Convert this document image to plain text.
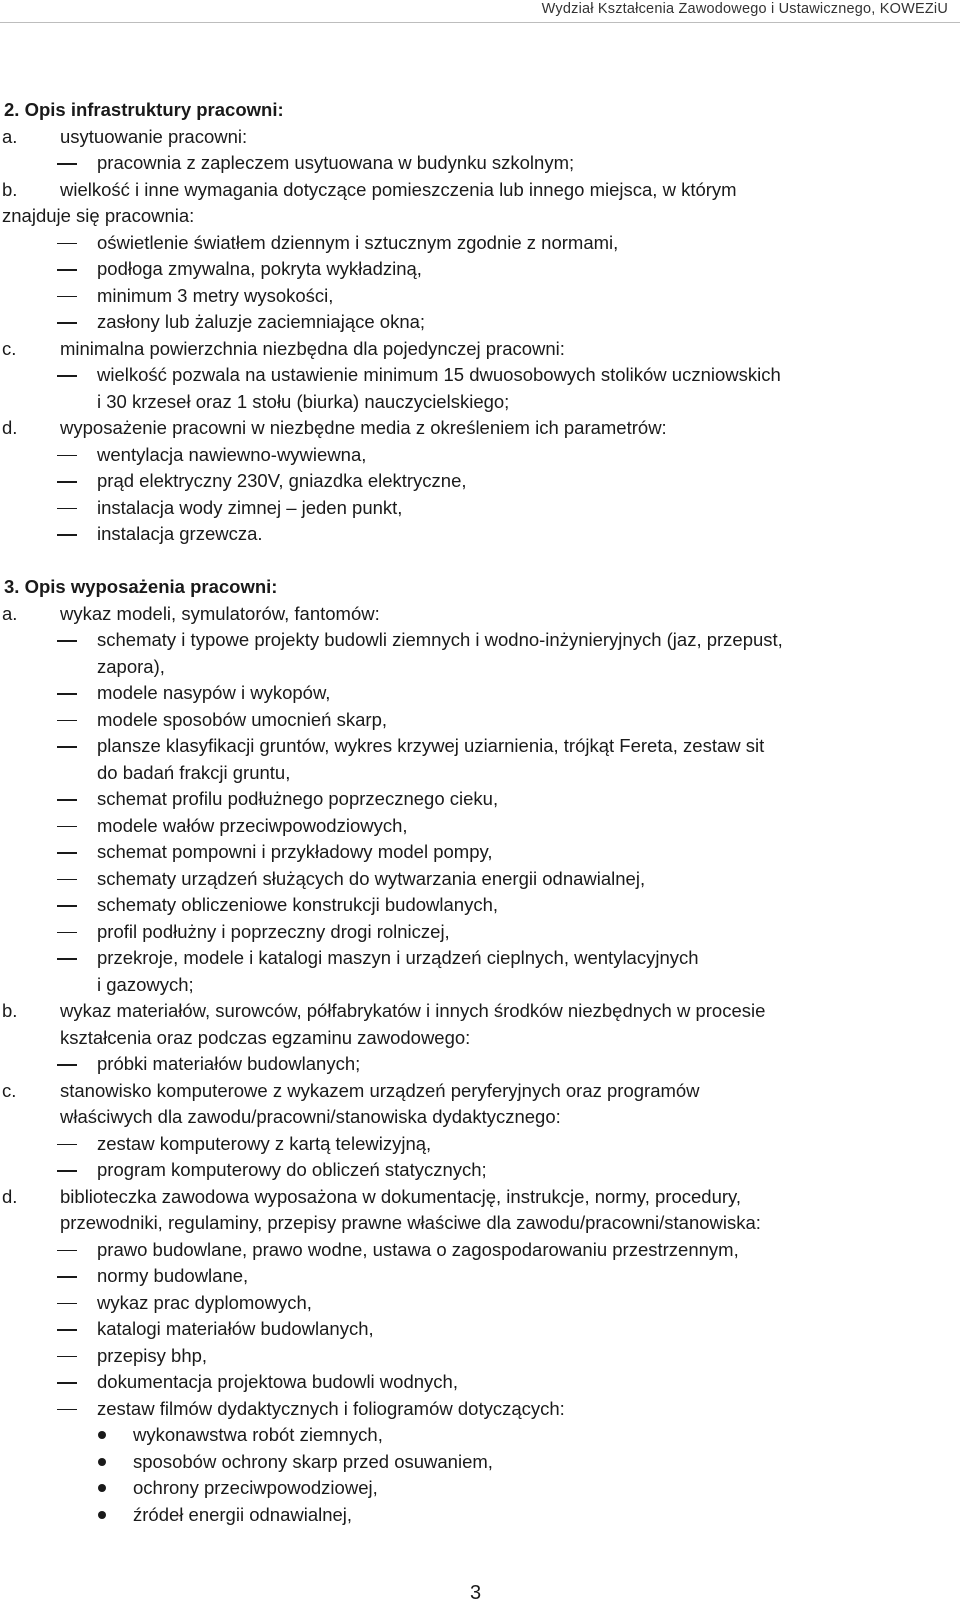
Wydział Kształcenia Zawodowego i Ustawicznego, KOWEZiU
2. Opis infrastruktury pracowni:
a. usytuowanie pracowni:
pracownia z zapleczem usytuowana w budynku szkolnym;
b. wielkość i inne wymagania dotyczące pomieszczenia lub innego miejsca, w którym
znajduje się pracownia:
oświetlenie światłem dziennym i sztucznym zgodnie z normami,
podłoga zmywalna, pokryta wykładziną,
minimum 3 metry wysokości,
zasłony lub żaluzje zaciemniające okna;
c. minimalna powierzchnia niezbędna dla pojedynczej pracowni:
wielkość pozwala na ustawienie minimum 15 dwuosobowych stolików uczniowskich
i 30 krzeseł oraz 1 stołu (biurka) nauczycielskiego;
d. wyposażenie pracowni w niezbędne media z określeniem ich parametrów:
wentylacja nawiewno-wywiewna,
prąd elektryczny 230V, gniazdka elektryczne,
instalacja wody zimnej – jeden punkt,
instalacja grzewcza.
3. Opis wyposażenia pracowni:
a. wykaz modeli, symulatorów, fantomów:
schematy i typowe projekty budowli ziemnych i wodno-inżynieryjnych (jaz, przepust,
zapora),
modele nasypów i wykopów,
modele sposobów umocnień skarp,
plansze klasyfikacji gruntów, wykres krzywej uziarnienia, trójkąt Fereta, zestaw sit
do badań frakcji gruntu,
schemat profilu podłużnego poprzecznego cieku,
modele wałów przeciwpowodziowych,
schemat pompowni i przykładowy model pompy,
schematy urządzeń służących do wytwarzania energii odnawialnej,
schematy obliczeniowe konstrukcji budowlanych,
profil podłużny i poprzeczny drogi rolniczej,
przekroje, modele i katalogi maszyn i urządzeń cieplnych, wentylacyjnych
i gazowych;
b. wykaz materiałów, surowców, półfabrykatów i innych środków niezbędnych w procesie
kształcenia oraz podczas egzaminu zawodowego:
próbki materiałów budowlanych;
c. stanowisko komputerowe z wykazem urządzeń peryferyjnych oraz programów
właściwych dla zawodu/pracowni/stanowiska dydaktycznego:
zestaw komputerowy z kartą telewizyjną,
program komputerowy do obliczeń statycznych;
d. biblioteczka zawodowa wyposażona w dokumentację, instrukcje, normy, procedury,
przewodniki, regulaminy, przepisy prawne właściwe dla zawodu/pracowni/stanowiska:
prawo budowlane, prawo wodne, ustawa o zagospodarowaniu przestrzennym,
normy budowlane,
wykaz prac dyplomowych,
katalogi materiałów budowlanych,
przepisy bhp,
dokumentacja projektowa budowli wodnych,
zestaw filmów dydaktycznych i foliogramów dotyczących:
wykonawstwa robót ziemnych,
sposobów ochrony skarp przed osuwaniem,
ochrony przeciwpowodziowej,
źródeł energii odnawialnej,
3
